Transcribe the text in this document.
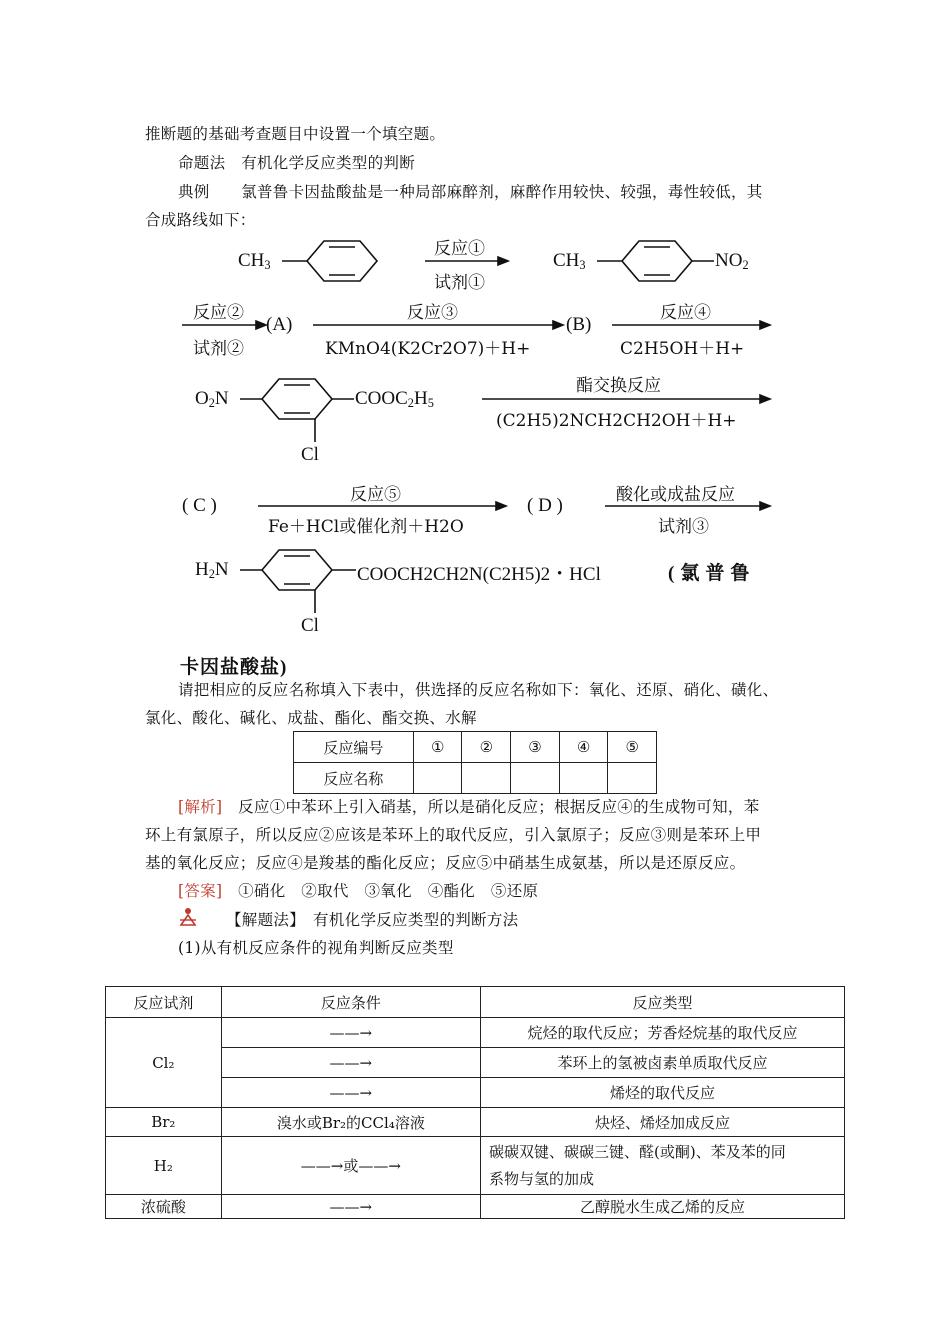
推断题的基础考查题目中设置一个填空题。
命题法　有机化学反应类型的判断
典例　　氯普鲁卡因盐酸盐是一种局部麻醉剂，麻醉作用较快、较强，毒性较低，其
合成路线如下：
$CH_3$
反应①
试剂①
$CH_3$	$NO_2$
反应②
试剂②
(A)
反应③
KMnO4(K2Cr2O7)＋H+
(B)
反应④
C2H5OH＋H+
$O_2N$	$COOC_2H_5$
Cl
酯交换反应
(C2H5)2NCH2CH2OH＋H+
( C )	反应⑤
Fe＋HCl或催化剂＋H2O
( D )	酸化或成盐反应
试剂③
$H_2N$	COOCH2CH2N(C2H5)2・HCl	(氯普鲁
Cl
卡因盐酸盐)
请把相应的反应名称填入下表中，供选择的反应名称如下：氧化、还原、硝化、磺化、
氯化、酸化、碱化、成盐、酯化、酯交换、水解
反应编号	①	②	③	④	⑤
反应名称					
[解析]　反应①中苯环上引入硝基，所以是硝化反应；根据反应④的生成物可知，苯
环上有氯原子，所以反应②应该是苯环上的取代反应，引入氯原子；反应③则是苯环上甲
基的氧化反应；反应④是羧基的酯化反应；反应⑤中硝基生成氨基，所以是还原反应。
[答案]　①硝化　②取代　③氧化　④酯化　⑤还原
【解题法】　有机化学反应类型的判断方法
(1)从有机反应条件的视角判断反应类型
反应试剂	反应条件	反应类型
Cl₂	——→	烷烃的取代反应；芳香烃烷基的取代反应
	——→	苯环上的氢被卤素单质取代反应
	——→	烯烃的取代反应
Br₂	溴水或Br₂的CCl₄溶液	炔烃、烯烃加成反应
H₂	——→或——→	碳碳双键、碳碳三键、醛(或酮)、苯及苯的同
系物与氢的加成

浓硫酸	——→	乙醇脱水生成乙烯的反应
